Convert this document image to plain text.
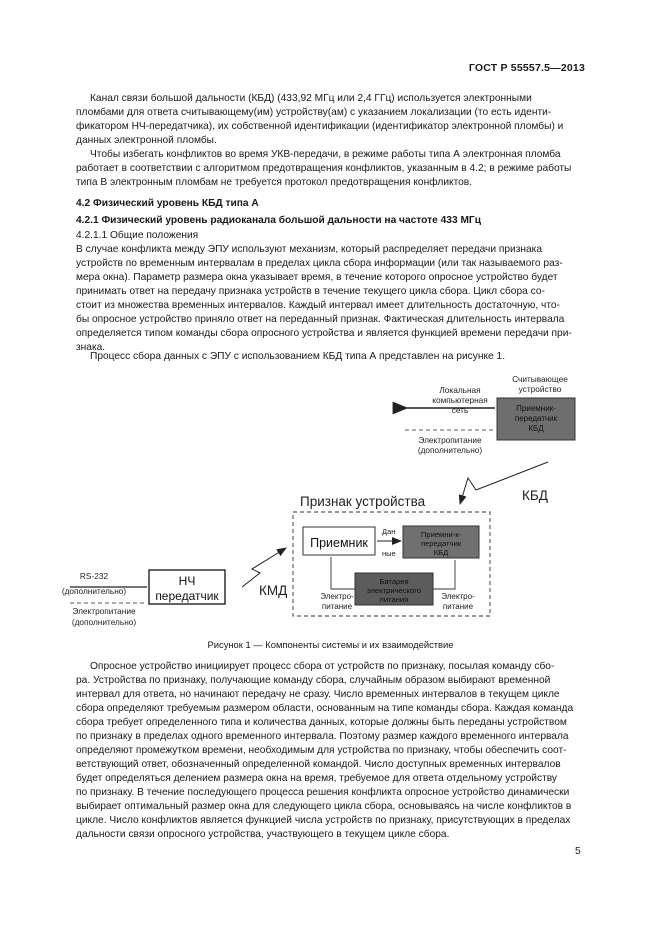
ГОСТ Р 55557.5—2013
Канал связи большой дальности (КБД) (433,92 МГц или 2,4 ГГц) используется электронными
пломбами для ответа считывающему(им) устройству(ам) с указанием локализации (то есть иденти-
фикатором НЧ-передатчика), их собственной идентификации (идентификатор электронной пломбы) и
данных электронной пломбы.
Чтобы избегать конфликтов во время УКВ-передачи, в режиме работы типа А электронная пломба
работает в соответствии с алгоритмом предотвращения конфликтов, указанным в 4.2; в режиме работы
типа В электронным пломбам не требуется протокол предотвращения конфликтов.
4.2 Физический уровень КБД типа А
4.2.1 Физический уровень радиоканала большой дальности на частоте 433 МГц
4.2.1.1 Общие положения
В случае конфликта между ЭПУ используют механизм, который распределяет передачи признака
устройств по временным интервалам в пределах цикла сбора информации (или так называемого раз-
мера окна). Параметр размера окна указывает время, в течение которого опросное устройство будет
принимать ответ на передачу признака устройств в течение текущего цикла сбора. Цикл сбора со-
стоит из множества временных интервалов. Каждый интервал имеет длительность достаточную, что-
бы опросное устройство приняло ответ на переданный признак. Фактическая длительность интервала
определяется типом команды сбора опросного устройства и является функцией времени передачи при-
знака.
Процесс сбора данных с ЭПУ с использованием КБД типа А представлен на рисунке 1.
Считывающее
устройство
Приемник-
передатчик
КБД
Локальная
компьютерная
сеть
Электропитание
(дополнительно)
КБД
Признак устройства
Приемник
Дан
ные
Приемни-к-
передатчик
КБД
Батарея
электрического
питания
Электро-
питание
Электро-
питание
КМД
НЧ
передатчик
RS-232
(дополнительно)
Электропитание
(дополнительно)
Рисунок 1 — Компоненты системы и их взаимодействие
Опросное устройство инициирует процесс сбора от устройств по признаку, посылая команду сбо-
ра. Устройства по признаку, получающие команду сбора, случайным образом выбирают временной
интервал для ответа, но начинают передачу не сразу. Число временных интервалов в текущем цикле
сбора определяют требуемым размером области, основанным на типе команды сбора. Каждая команда
сбора требует определенного типа и количества данных, которые должны быть переданы устройством
по признаку в пределах одного временного интервала. Поэтому размер каждого временного интервала
определяют промежутком времени, необходимым для устройства по признаку, чтобы обеспечить соот-
ветствующий ответ, обозначенный определенной командой. Число доступных временных интервалов
будет определяться делением размера окна на время, требуемое для ответа отдельному устройству
по признаку. В течение последующего процесса решения конфликта опросное устройство динамически
выбирает оптимальный размер окна для следующего цикла сбора, основываясь на числе конфликтов в
цикле. Число конфликтов является функцией числа устройств по признаку, присутствующих в пределах
дальности связи опросного устройства, участвующего в текущем цикле сбора.
5
